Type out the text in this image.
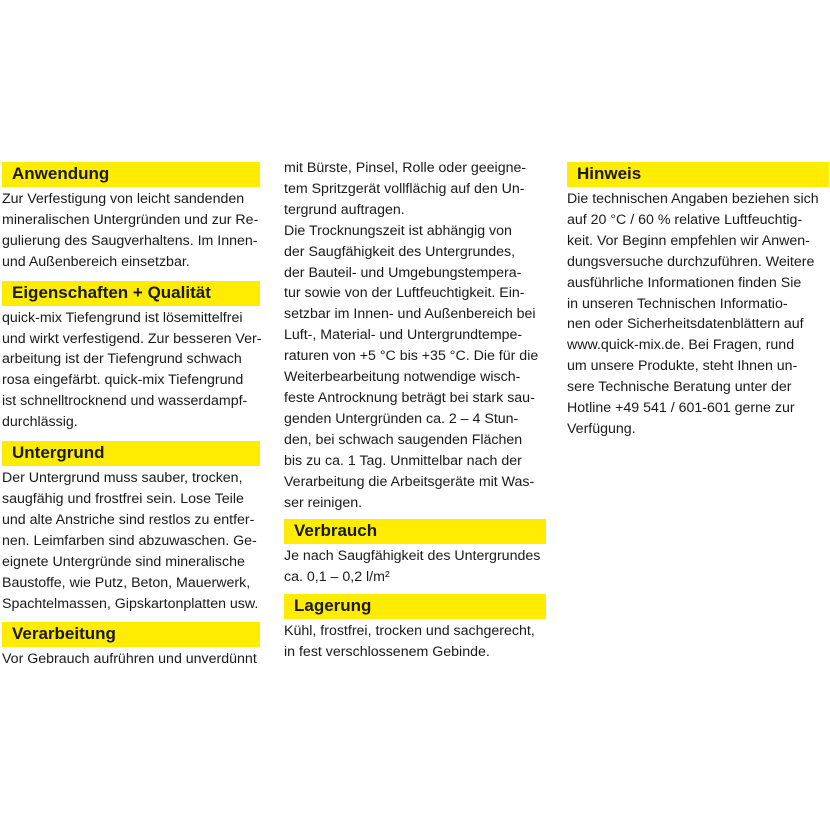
Anwendung
Zur Verfestigung von leicht sandenden
mineralischen Untergründen und zur Re-
gulierung des Saugverhaltens. Im Innen-
und Außenbereich einsetzbar.
Eigenschaften + Qualität
quick-mix Tiefengrund ist lösemittelfrei
und wirkt verfestigend. Zur besseren Ver-
arbeitung ist der Tiefengrund schwach
rosa eingefärbt. quick-mix Tiefengrund
ist schnelltrocknend und wasserdampf-
durchlässig.
Untergrund
Der Untergrund muss sauber, trocken,
saugfähig und frostfrei sein. Lose Teile
und alte Anstriche sind restlos zu entfer-
nen. Leimfarben sind abzuwaschen. Ge-
eignete Untergründe sind mineralische
Baustoffe, wie Putz, Beton, Mauerwerk,
Spachtelmassen, Gipskartonplatten usw.
Verarbeitung
Vor Gebrauch aufrühren und unverdünnt
mit Bürste, Pinsel, Rolle oder geeigne-
tem Spritzgerät vollflächig auf den Un-
tergrund auftragen.
Die Trocknungszeit ist abhängig von
der Saugfähigkeit des Untergrundes,
der Bauteil- und Umgebungstempera-
tur sowie von der Luftfeuchtigkeit. Ein-
setzbar im Innen- und Außenbereich bei
Luft-, Material- und Untergrundtempe-
raturen von +5 °C bis +35 °C. Die für die
Weiterbearbeitung notwendige wisch-
feste Antrocknung beträgt bei stark sau-
genden Untergründen ca. 2 – 4 Stun-
den, bei schwach saugenden Flächen
bis zu ca. 1 Tag. Unmittelbar nach der
Verarbeitung die Arbeitsgeräte mit Was-
ser reinigen.
Verbrauch
Je nach Saugfähigkeit des Untergrundes
ca. 0,1 – 0,2 l/m²
Lagerung
Kühl, frostfrei, trocken und sachgerecht,
in fest verschlossenem Gebinde.
Hinweis
Die technischen Angaben beziehen sich
auf 20 °C / 60 % relative Luftfeuchtig-
keit. Vor Beginn empfehlen wir Anwen-
dungsversuche durchzuführen. Weitere
ausführliche Informationen finden Sie
in unseren Technischen Informatio-
nen oder Sicherheitsdatenblättern auf
www.quick-mix.de. Bei Fragen, rund
um unsere Produkte, steht Ihnen un-
sere Technische Beratung unter der
Hotline +49 541 / 601-601 gerne zur
Verfügung.
